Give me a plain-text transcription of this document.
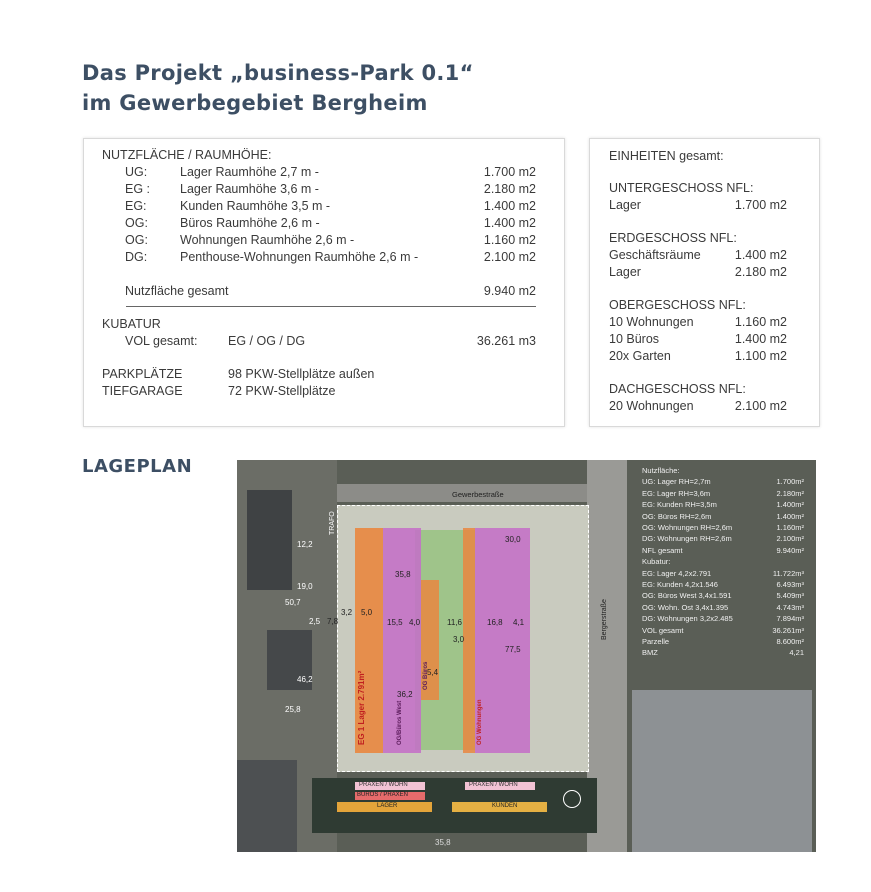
Das Projekt „business-Park 0.1“
im Gewerbegebiet Bergheim
NUTZFLÄCHE / RAUMHÖHE:
UG:	Lager Raumhöhe 2,7 m -	1.700 m2
EG : Lager Raumhöhe 3,6 m -	2.180 m2
EG:	Kunden Raumhöhe 3,5 m -	1.400 m2
OG:	Büros Raumhöhe 2,6 m -	1.400 m2
OG:	Wohnungen Raumhöhe 2,6 m -	1.160 m2
DG:	Penthouse-Wohnungen Raumhöhe 2,6 m -	2.100 m2
Nutzfläche gesamt	9.940 m2
KUBATUR
VOL gesamt: EG / OG / DG	36.261 m3
PARKPLÄTZE	98 PKW-Stellplätze außen
TIEFGARAGE	72 PKW-Stellplätze
EINHEITEN gesamt:
UNTERGESCHOSS NFL:
Lager	1.700 m2
ERDGESCHOSS NFL:
Geschäftsräume	1.400 m2
Lager	2.180 m2
OBERGESCHOSS NFL:
10 Wohnungen	1.160 m2
10 Büros	1.400 m2
20x Garten	1.100 m2
DACHGESCHOSS NFL:
20 Wohnungen	2.100 m2
LAGEPLAN
PRAXEN / WOHN	PRAXEN / WOHN
BÜROS / PRAXEN
LAGER	KUNDEN
Gewerbestraße
Bergerstraße
TRAFO
EG 1 Lager 2.791m²	OG/Büros West
OG Büros
OG Wohnungen
12,2
19,0
50,7
2,5
46,2
25,8
35,8
3,2 5,0
15,5 4,0	11,6	16,8 4,1
30,0
36,2
5,4
77,5
3,0
7,8
35,8
Nutzfläche:
UG: Lager RH=2,7m	1.700m²
EG: Lager RH=3,6m	2.180m²
EG: Kunden RH=3,5m	1.400m²
OG: Büros RH=2,6m	1.400m²
OG: Wohnungen RH=2,6m	1.160m²
DG: Wohnungen RH=2,6m	2.100m²
NFL gesamt	9.940m²
Kubatur:
EG: Lager 4,2x2.791	11.722m³
EG: Kunden 4,2x1.546	6.493m³
OG: Büros West 3,4x1.591	5.409m³
OG: Wohn. Ost 3,4x1.395	4.743m³
DG: Wohnungen 3,2x2.485	7.894m³
VOL gesamt	36.261m³
Parzelle	8.600m²
BMZ	4,21
